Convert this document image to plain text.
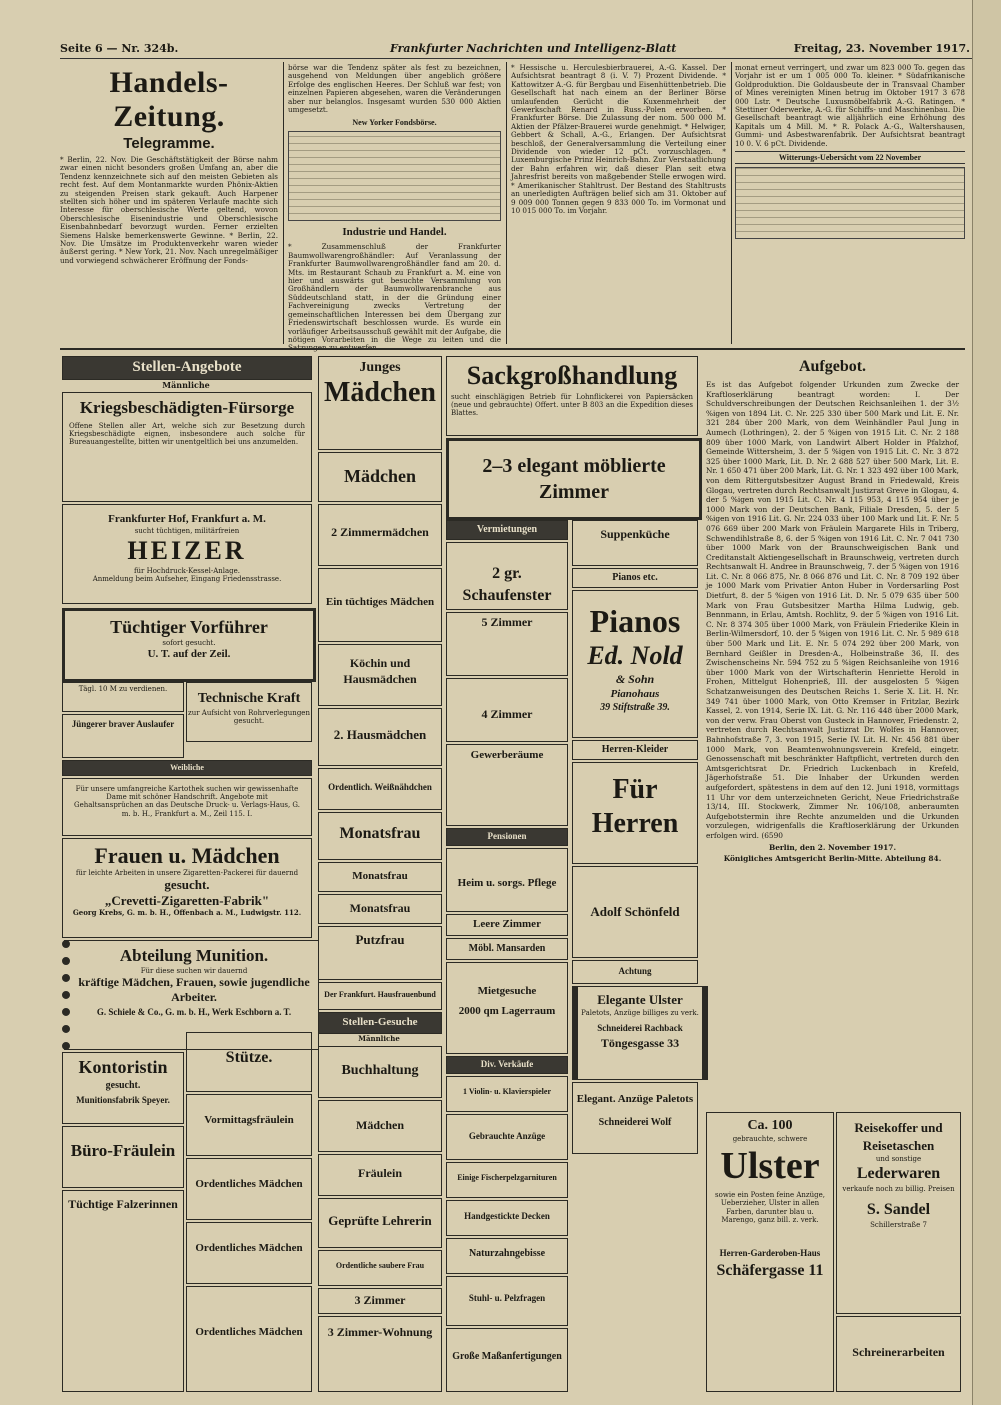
Seite 6 — Nr. 324b.	Frankfurter Nachrichten und Intelligenz-Blatt	Freitag, 23. November 1917.
Handels-Zeitung.
Telegramme.
* Berlin, 22. Nov. Die Geschäftstätigkeit der Börse nahm zwar einen nicht besonders großen Umfang an, aber die Tendenz kennzeichnete sich auf den meisten Gebieten als recht fest. Auf dem Montanmarkte wurden Phönix-Aktien zu steigenden Preisen stark gekauft. Auch Harpener stellten sich höher und im späteren Verlaufe machte sich Interesse für oberschlesische Werte geltend, wovon Oberschlesische Eisenindustrie und Oberschlesische Eisenbahnbedarf bevorzugt wurden. Ferner erzielten Siemens Halske bemerkenswerte Gewinne. * Berlin, 22. Nov. Die Umsätze im Produktenverkehr waren wieder äußerst gering. * New York, 21. Nov. Nach unregelmäßiger und vorwiegend schwächerer Eröffnung der Fonds-
börse war die Tendenz später als fest zu bezeichnen, ausgehend von Meldungen über angeblich größere Erfolge des englischen Heeres. Der Schluß war fest; von einzelnen Papieren abgesehen, waren die Veränderungen aber nur belanglos. Insgesamt wurden 530 000 Aktien umgesetzt.
New Yorker Fondsbörse.
Industrie und Handel.
* Zusammenschluß der Frankfurter Baumwollwarengroßhändler: Auf Veranlassung der Frankfurter Baumwollwarengroßhändler fand am 20. d. Mts. im Restaurant Schaub zu Frankfurt a. M. eine von hier und auswärts gut besuchte Versammlung von Großhändlern der Baumwollwarenbranche aus Süddeutschland statt, in der die Gründung einer Fachvereinigung zwecks Vertretung der gemeinschaftlichen Interessen bei dem Übergang zur Friedenswirtschaft beschlossen wurde. Es wurde ein vorläufiger Arbeitsausschuß gewählt mit der Aufgabe, die nötigen Vorarbeiten in die Wege zu leiten und die
* Hessische u. Herculesbierbrauerei, A.-G. Kassel. Der Aufsichtsrat beantragt 8 (i. V. 7) Prozent Dividende. * Kattowitzer A.-G. für Bergbau und Eisenhüttenbetrieb. Die Gesellschaft hat nach einem an der Berliner Börse umlaufenden Gerücht die Kuxenmehrheit der Gewerkschaft Renard in Russ.-Polen erworben. * Frankfurter Börse. Die Zulassung der nom. 500 000 M. Aktien der Pfälzer-Brauerei wurde genehmigt. * Helwiger, Gebbert & Schall, A.-G., Erlangen. Der Aufsichtsrat beschloß, der Generalversammlung die Verteilung einer Dividende von wieder 12 pCt. vorzuschlagen. * Luxemburgische Prinz Heinrich-Bahn. Zur Verstaatlichung der Bahn erfahren wir, daß dieser Plan seit etwa Jahresfrist bereits von maßgebender Stelle erwogen wird. * Amerikanischer Stahltrust. Der Bestand des Stahltrusts an unerledigten Aufträgen belief sich am 31. Oktober auf 9 009 000 Tonnen gegen 9 833 000 To. im Vormonat und 10 015 000 To. im Vorjahr.
monat erneut verringert, und zwar um 823 000 To. gegen das Vorjahr ist er um 1 005 000 To. kleiner. * Südafrikanische Goldproduktion. Die Goldausbeute der in Transvaal Chamber of Mines vereinigten Minen betrug im Oktober 1917 3 678 000 Lstr. * Deutsche Luxusmöbelfabrik A.-G. Ratingen. * Stettiner Oderwerke, A.-G. für Schiffs- und Maschinenbau. Die Gesellschaft beantragt wie alljährlich eine Erhöhung des Kapitals um 4 Mill. M. * R. Polack A.-G., Waltershausen, Gummi- und Asbestwarenfabrik. Der Aufsichtsrat beantragt 10 0. V. 6 pCt. Dividende.
Witterungs-Uebersicht vom 22 November
Stellen-Angebote
Männliche
Kriegsbeschädigten-Fürsorge
Offene Stellen aller Art, welche sich zur Besetzung durch Kriegsbeschädigte eignen, insbesondere auch solche für Bureauangestellte, bitten wir unentgeltlich bei uns anzumelden.
Frankfurter Hof, Frankfurt a. M.
sucht tüchtigen, militärfreien
HEIZER
für Hochdruck-Kessel-Anlage.
Anmeldung beim Aufseher, Eingang Friedensstrasse.
Tüchtiger Vorführer
sofort gesucht.
U. T. auf der Zeil.
Tägl. 10 M zu verdienen.
Technische Kraft
zur Aufsicht von Rohrverlegungen gesucht.
Jüngerer braver Auslaufer
Weibliche
Für unsere umfangreiche Kartothek suchen wir gewissenhafte Dame mit schöner Handschrift. Angebote mit Gehaltsansprüchen an das Deutsche Druck- u. Verlags-Haus, G. m. b. H., Frankfurt a. M., Zeil 115. I.
Frauen u. Mädchen
für leichte Arbeiten in unsere Zigaretten-Packerei für dauernd
gesucht.
„Crevetti-Zigaretten-Fabrik"
Georg Krebs, G. m. b. H., Offenbach a. M., Ludwigstr. 112.
Abteilung Munition.
Für diese suchen wir dauernd
kräftige Mädchen, Frauen, sowie jugendliche Arbeiter.
G. Schiele & Co., G. m. b. H., Werk Eschborn a. T.
Kontoristin
gesucht.
Munitionsfabrik Speyer.
Büro-Fräulein
Tüchtige Falzerinnen
Stütze.
Vormittagsfräulein
Ordentliches Mädchen
Ordentliches Mädchen
Ordentliches Mädchen
Junges
Mädchen
Mädchen
2 Zimmermädchen
Ein tüchtiges Mädchen
Köchin und Hausmädchen
2. Hausmädchen
Ordentlich. Weißnähdchen
Monatsfrau
Monatsfrau
Monatsfrau
Putzfrau
Der Frankfurt. Hausfrauenbund
Stellen-Gesuche
Männliche
Buchhaltung
Mädchen
Fräulein
Geprüfte Lehrerin
Ordentliche saubere Frau
3 Zimmer
3 Zimmer-Wohnung
Sackgroßhandlung
sucht einschlägigen Betrieb für Lohnflickerei von Papiersäcken (neue und gebrauchte) Offert. unter B 803 an die Expedition dieses Blattes.
2–3 elegant möblierte Zimmer
Vermietungen
2 gr. Schaufenster
5 Zimmer
4 Zimmer
Gewerberäume
Pensionen
Heim u. sorgs. Pflege
Leere Zimmer
Möbl. Mansarden
Mietgesuche
2000 qm Lagerraum
Div. Verkäufe
1 Violin- u. Klavierspieler
Gebrauchte Anzüge
Einige Fischerpelzgarnituren
Handgestickte Decken
Naturzahngebisse
Stuhl- u. Pelzfragen
Große Maßanfertigungen
Suppenküche
Pianos etc.
Pianos
Ed. Nold
& Sohn
Pianohaus
39 Stiftstraße 39.
Herren-Kleider
Für Herren
Adolf Schönfeld
Achtung
Elegante Ulster
Paletots, Anzüge billiges zu verk.
Schneiderei Rachback
Töngesgasse 33
Elegant. Anzüge Paletots
Schneiderei Wolf
Aufgebot.
Es ist das Aufgebot folgender Urkunden zum Zwecke der Kraftloserklärung beantragt worden: I. Der Schuldverschreibungen der Deutschen Reichsanleihen 1. der 3½ %igen von 1894 Lit. C. Nr. 225 330 über 500 Mark und Lit. E. Nr. 321 284 über 200 Mark, von dem Weinhändler Paul Jung in Aumech (Lothringen), 2. der 5 %igen von 1915 Lit. C. Nr. 2 188 809 über 1000 Mark, von Landwirt Albert Holder in Pfalzhof, Gemeinde Wittersheim, 3. der 5 %igen von 1915 Lit. C. Nr. 3 872 325 über 1000 Mark, Lit. D. Nr. 2 688 527 über 500 Mark, Lit. E. Nr. 1 650 471 über 200 Mark, Lit. G. Nr. 1 323 492 über 100 Mark, von dem Rittergutsbesitzer August Brand in Friedewald, Kreis Glogau, vertreten durch Rechtsanwalt Justizrat Greve in Glogau, 4. der 5 %igen von 1915 Lit. C. Nr. 4 115 953, 4 115 954 über je 1000 Mark von der Deutschen Bank, Filiale Dresden, 5. der 5 %igen von 1916 Lit. G. Nr. 224 033 über 100 Mark und Lit. F. Nr. 5 076 669 über 200 Mark von Fräulein Margarete Hils in Triberg, Schwendihlstraße 8, 6. der 5 %igen von 1916 Lit. C. Nr. 7 041 730 über 1000 Mark von der Braunschweigischen Bank und Creditanstalt Aktiengesellschaft in Braunschweig, vertreten durch Rechtsanwalt H. Andree in Braunschweig, 7. der 5 %igen von 1916 Lit. C. Nr. 8 066 875, Nr. 8 066 876 und Lit. C. Nr. 8 709 192 über je 1000 Mark vom Privatier Anton Huber in Vordersarling Post Dietfurt, 8. der 5 %igen von 1916 Lit. D. Nr. 5 079 635 über 500 Mark von Frau Gutsbesitzer Martha Hilma Ludwig, geb. Bennmann, in Erlau, Amtsh. Rochlitz, 9. der 5 %igen von 1916 Lit. C. Nr. 8 374 305 über 1000 Mark, von Fräulein Friederike Klein in Berlin-Wilmersdorf, 10. der 5 %igen von 1916 Lit. C. Nr. 5 989 618 über 500 Mark und Lit. E. Nr. 5 074 292 über 200 Mark, von Bernhard Geißler in Dresden-A., Holbeinstraße 36, II. des Zwischenscheins Nr. 594 752 zu 5 %igen Reichsanleihe von 1916 über 1000 Mark von der Wirtschafterin Henriette Herold in Frohen, Mittelgut Hohenprieß, III. der ausgelosten 5 %igen Schatzanweisungen des Deutschen Reichs 1. Serie X. Lit. H. Nr. 349 741 über 1000 Mark, von Otto Kremser in Fritzlar, Bezirk Kassel, 2. von 1914, Serie IX. Lit. G. Nr. 116 448 über 2000 Mark, von der verw. Frau Oberst von Gusteck in Hannover, Friedenstr. 2, vertreten durch Rechtsanwalt Justizrat Dr. Wolfes in Hannover, Bahnhofstraße 7, 3. von 1915, Serie IV. Lit. H. Nr. 456 881 über 1000 Mark, von Beamtenwohnungsverein Krefeld, eingetr. Genossenschaft mit beschränkter Haftpflicht, vertreten durch den Amtsgerichtsrat Dr. Friedrich Luckenbach in Krefeld, Jägerhofstraße 51. Die Inhaber der Urkunden werden aufgefordert, spätestens in dem auf den 12. Juni 1918, vormittags 11 Uhr vor dem unterzeichneten Gericht, Neue Friedrichstraße 13/14, III. Stockwerk, Zimmer Nr. 106/108, anberaumten Aufgebotstermin ihre Rechte anzumelden und die Urkunden vorzulegen, widrigenfalls die Kraftloserklärung der Urkunden erfolgen wird. (6590
Berlin, den 2. November 1917.
Königliches Amtsgericht Berlin-Mitte. Abteilung 84.
Ca. 100
gebrauchte, schwere
Ulster
sowie ein Posten feine Anzüge, Ueberzieher, Ulster in allen Farben, darunter blau u. Marengo, ganz bill. z. verk.
Herren-Garderoben-Haus
Schäfergasse 11
Reisekoffer und Reisetaschen
und sonstige
Lederwaren
verkaufe noch zu billig. Preisen
S. Sandel
Schillerstraße 7
Schreinerarbeiten
